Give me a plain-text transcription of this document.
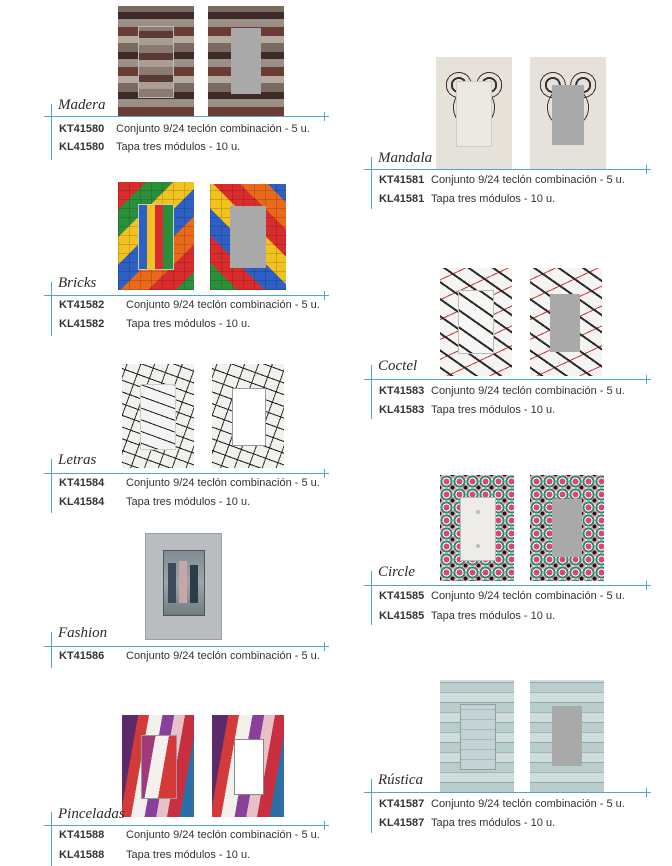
Madera
KT41580 Conjunto 9/24 teclón combinación - 5 u.
KL41580 Tapa tres módulos - 10 u.
Bricks
KT41582 Conjunto 9/24 teclón combinación - 5 u.
KL41582 Tapa tres módulos - 10 u.
Letras
KT41584 Conjunto 9/24 teclón combinación - 5 u.
KL41584 Tapa tres módulos - 10 u.
Fashion
KT41586 Conjunto 9/24 teclón combinación - 5 u.
Pinceladas
KT41588 Conjunto 9/24 teclón combinación - 5 u.
KL41588 Tapa tres módulos - 10 u.
Mandala
KT41581 Conjunto 9/24 teclón combinación - 5 u.
KL41581 Tapa tres módulos - 10 u.
Coctel
KT41583 Conjunto 9/24 teclón combinación - 5 u.
KL41583 Tapa tres módulos - 10 u.
Circle
KT41585 Conjunto 9/24 teclón combinación - 5 u.
KL41585 Tapa tres módulos - 10 u.
Rústica
KT41587 Conjunto 9/24 teclón combinación - 5 u.
KL41587 Tapa tres módulos - 10 u.
